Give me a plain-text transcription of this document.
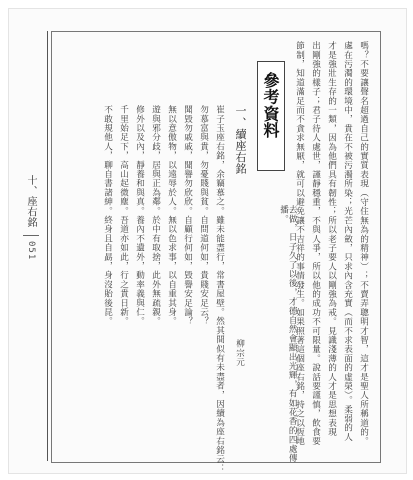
嗎？不要讓聲名超過自己的實質表現（守住無為的精神）；不賣弄聰明才智，這才是聖人所稱道的。
處在污濁的環境中，貴在不被污濁所染；光芒內斂，只求內含充實（而不求表面的虛榮）。柔弱的人
才是強壯生存的一類，因為他們具有韌性；所以老子要人以剛強為戒。見識淺薄的人才是思想表現
出剛強的樣子；君子待人處世，謹靜穩重，不與人爭，所以他的成功不可限量。說話要謹慎，飲食要
節制，知道滿足而不貪求無厭，就可以避免讓不吉祥的事情發生。如果照著這個座右銘，持之以恆地
去做，日子久了以後，才德自然會顯出光輝，有如花香的四處傳播。
參考資料
一、續座右銘
崔子玉座右銘，余竊慕之。雖未能盡行，常書屋壁。然其間似有未盡者，因續為座右銘云：
勿慕富與貴，勿憂賤與貧。自問道何如，貴賤安足云？
聞毀勿戚戚，聞譽勿欣欣。自顧行何如，毀譽安足論？
無以意傲物，以遠辱於人。無以色求事，以自重其身。
遊與邪分歧，居與正為鄰。於中有取捨，此外無疏親。
修外以及內，靜養和與真。養內不遺外，動率義與仁。
千里始足下，高山起微塵。吾道亦如此，行之貴日新。
不敢規他人，聊自書諸紳。終身且自勗，身沒貽後昆。
柳宗元
十、座右銘
051
